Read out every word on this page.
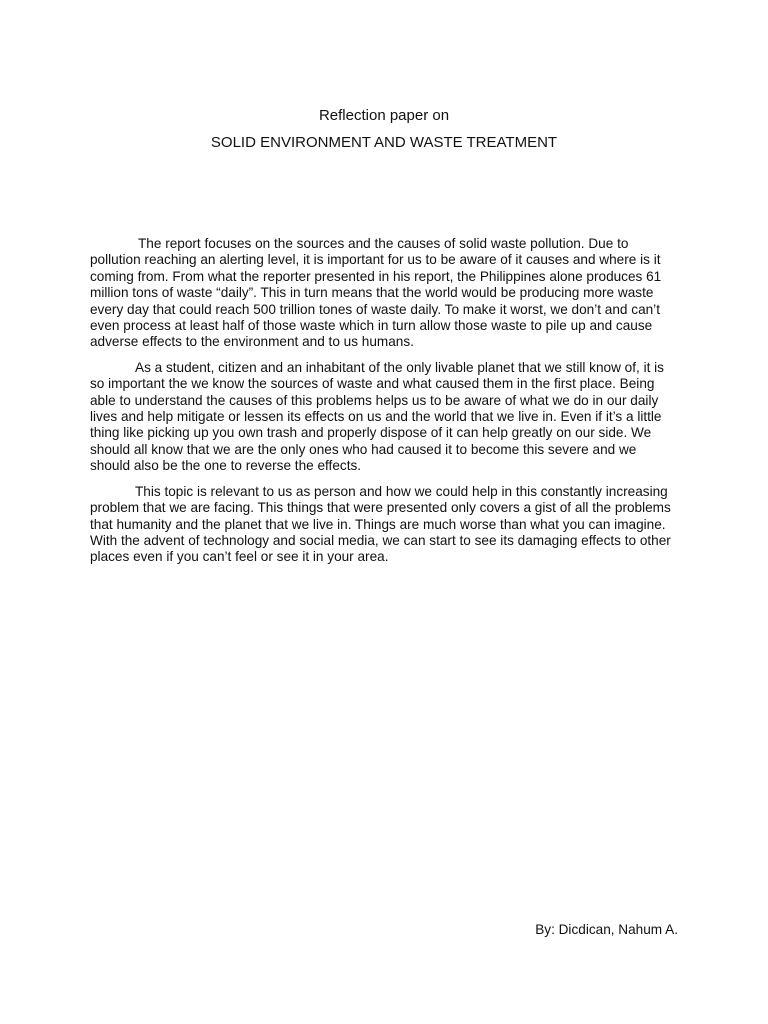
Reflection paper on
SOLID ENVIRONMENT AND WASTE TREATMENT

The report focuses on the sources and the causes of solid waste pollution. Due to pollution reaching an alerting level, it is important for us to be aware of it causes and where is it coming from. From what the reporter presented in his report, the Philippines alone produces 61 million tons of waste “daily”. This in turn means that the world would be producing more waste every day that could reach 500 trillion tones of waste daily. To make it worst, we don’t and can’t even process at least half of those waste which in turn allow those waste to pile up and cause adverse effects to the environment and to us humans.

As a student, citizen and an inhabitant of the only livable planet that we still know of, it is so important the we know the sources of waste and what caused them in the first place. Being able to understand the causes of this problems helps us to be aware of what we do in our daily lives and help mitigate or lessen its effects on us and the world that we live in. Even if it’s a little thing like picking up you own trash and properly dispose of it can help greatly on our side. We should all know that we are the only ones who had caused it to become this severe and we should also be the one to reverse the effects.

This topic is relevant to us as person and how we could help in this constantly increasing problem that we are facing. This things that were presented only covers a gist of all the problems that humanity and the planet that we live in. Things are much worse than what you can imagine. With the advent of technology and social media, we can start to see its damaging effects to other places even if you can’t feel or see it in your area.

By: Dicdican, Nahum A.
